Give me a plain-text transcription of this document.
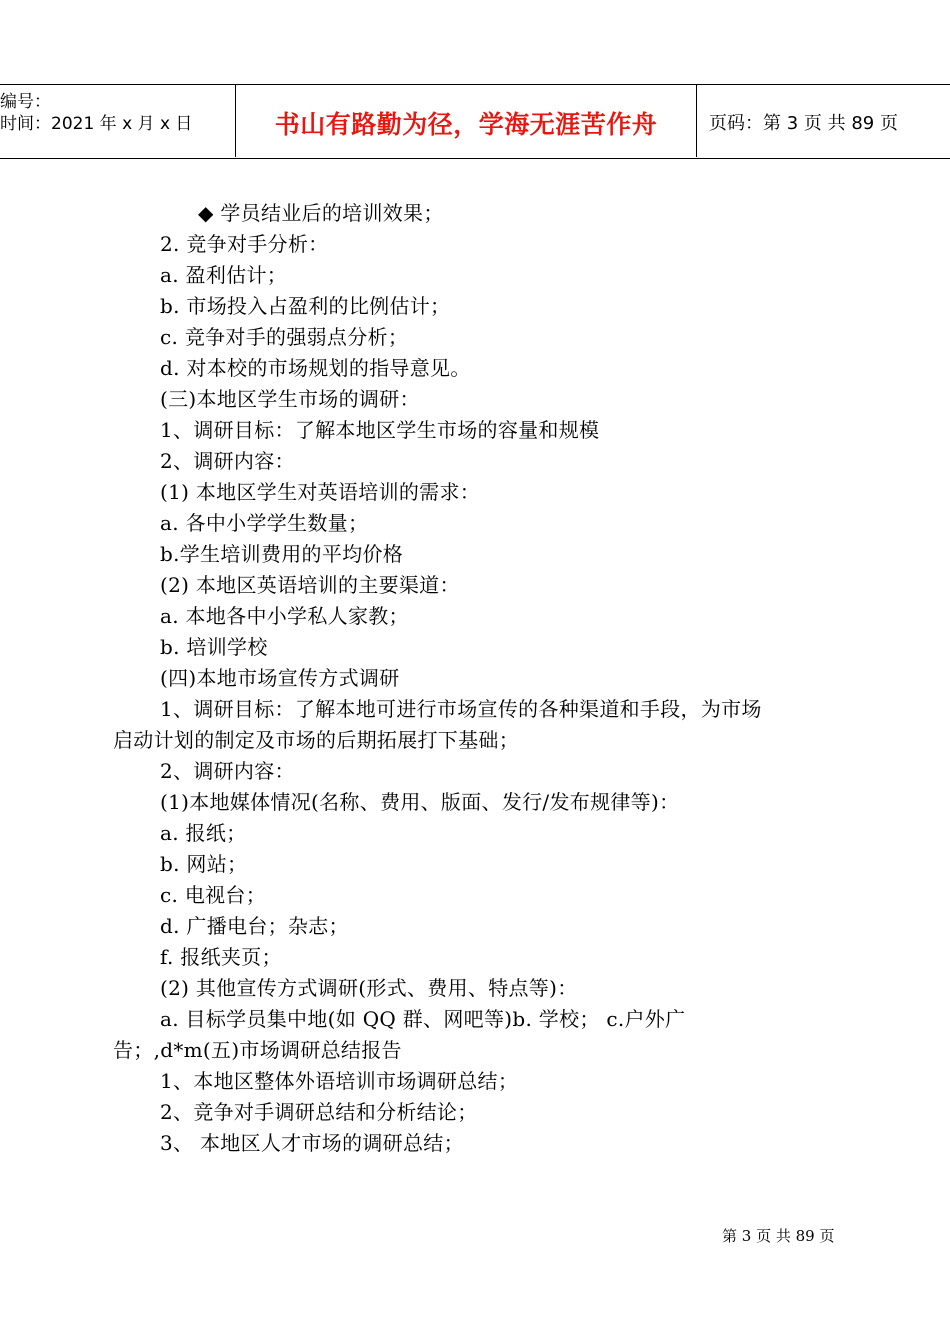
编号：
时间：2021 年 x 月 x 日	书山有路勤为径，学海无涯苦作舟	页码：第 3 页 共 89 页
◆ 学员结业后的培训效果；
2. 竞争对手分析：
a. 盈利估计；
b. 市场投入占盈利的比例估计；
c. 竞争对手的强弱点分析；
d. 对本校的市场规划的指导意见。
(三)本地区学生市场的调研：
1、调研目标：了解本地区学生市场的容量和规模
2、调研内容：
(1) 本地区学生对英语培训的需求：
a. 各中小学学生数量；
b.学生培训费用的平均价格
(2) 本地区英语培训的主要渠道：
a. 本地各中小学私人家教；
b. 培训学校
(四)本地市场宣传方式调研
1、调研目标：了解本地可进行市场宣传的各种渠道和手段，为市场
启动计划的制定及市场的后期拓展打下基础；
2、调研内容：
(1)本地媒体情况(名称、费用、版面、发行/发布规律等)：
a. 报纸；
b. 网站；
c. 电视台；
d. 广播电台；杂志；
f. 报纸夹页；
(2) 其他宣传方式调研(形式、费用、特点等)：
a. 目标学员集中地(如 QQ 群、网吧等)b. 学校； c.户外广
告；,d*m(五)市场调研总结报告
1、本地区整体外语培训市场调研总结；
2、竞争对手调研总结和分析结论；
3、 本地区人才市场的调研总结；
第 3 页 共 89 页
